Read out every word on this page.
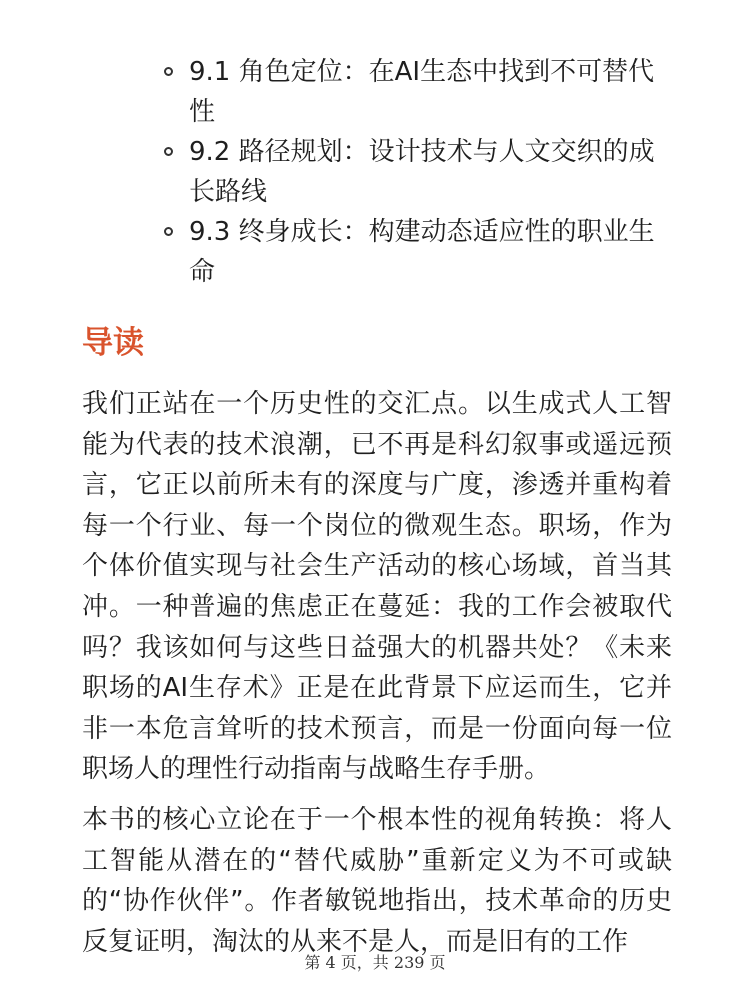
9.1 角色定位：在AI生态中找到不可替代性
9.2 路径规划：设计技术与人文交织的成长路线
9.3 终身成长：构建动态适应性的职业生命
导读

我们正站在一个历史性的交汇点。以生成式人工智能为代表的技术浪潮，已不再是科幻叙事或遥远预言，它正以前所未有的深度与广度，渗透并重构着每一个行业、每一个岗位的微观生态。职场，作为个体价值实现与社会生产活动的核心场域，首当其冲。一种普遍的焦虑正在蔓延：我的工作会被取代吗？我该如何与这些日益强大的机器共处？《未来职场的AI生存术》正是在此背景下应运而生，它并非一本危言耸听的技术预言，而是一份面向每一位职场人的理性行动指南与战略生存手册。

本书的核心立论在于一个根本性的视角转换：将人工智能从潜在的“替代威胁”重新定义为不可或缺的“协作伙伴”。作者敏锐地指出，技术革命的历史反复证明，淘汰的从来不是人，而是旧有的工作

第 4 页，共 239 页
